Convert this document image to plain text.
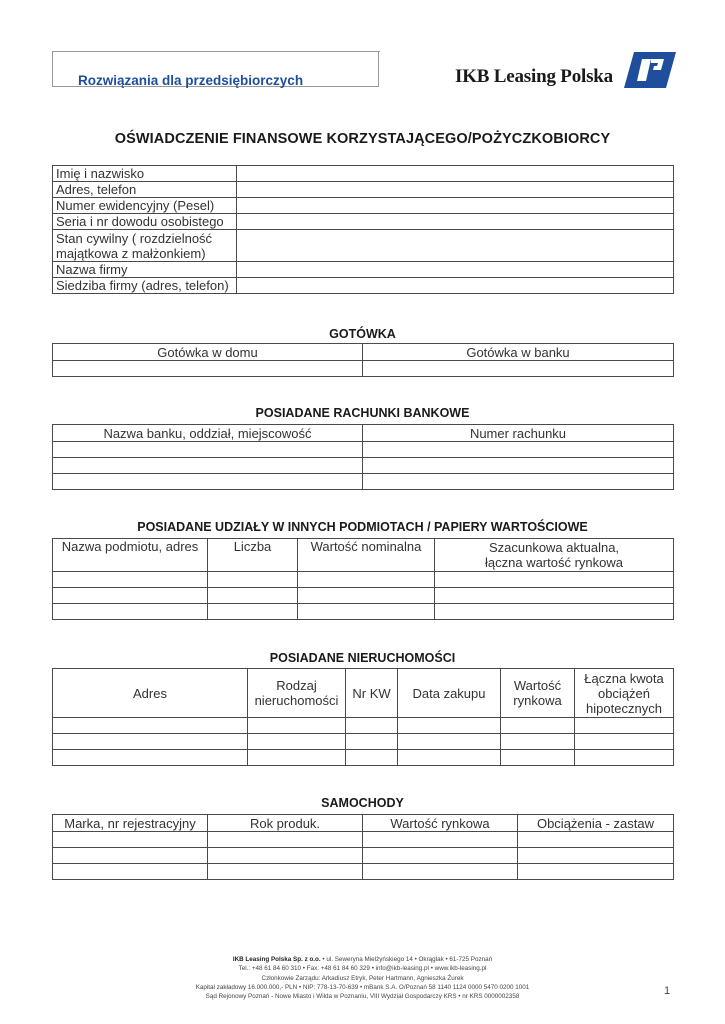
Rozwiązania dla przedsiębiorczych	IKB Leasing Polska
OŚWIADCZENIE FINANSOWE KORZYSTAJĄCEGO/POŻYCZKOBIORCY
Imię i nazwisko	
Adres, telefon	
Numer ewidencyjny (Pesel)	
Seria i nr dowodu osobistego	
Stan cywilny ( rozdzielność majątkowa z małżonkiem)	
Nazwa firmy	
Siedziba firmy (adres, telefon)	
GOTÓWKA
Gotówka w domu	Gotówka w banku

POSIADANE RACHUNKI BANKOWE
Nazwa banku, oddział, miejscowość	Numer rachunku

POSIADANE UDZIAŁY W INNYCH PODMIOTACH / PAPIERY WARTOŚCIOWE
Nazwa podmiotu, adres	Liczba	Wartość nominalna	Szacunkowa aktualna, łączna wartość rynkowa

POSIADANE NIERUCHOMOŚCI
Adres	Rodzaj nieruchomości	Nr KW	Data zakupu	Wartość rynkowa	Łączna kwota obciążeń hipotecznych

SAMOCHODY
Marka, nr rejestracyjny	Rok produk.	Wartość rynkowa	Obciążenia - zastaw

IKB Leasing Polska Sp. z o.o. • ul. Seweryna Mielżyńskiego 14 • Okrąglak • 61-725 Poznań
Tel.: +48 61 84 60 310 • Fax: +48 61 84 60 329 • info@ikb-leasing.pl • www.ikb-leasing.pl
Członkowie Zarządu: Arkadiusz Etryk, Peter Hartmann, Agnieszka Żurek
Kapitał zakładowy 16.000.000,- PLN • NIP: 778-13-70-639 • mBank S.A. O/Poznań 58 1140 1124 0000 5470 0200 1001
Sąd Rejonowy Poznań - Nowe Miasto i Wilda w Poznaniu, VIII Wydział Gospodarczy KRS • nr KRS 0000002358	1
